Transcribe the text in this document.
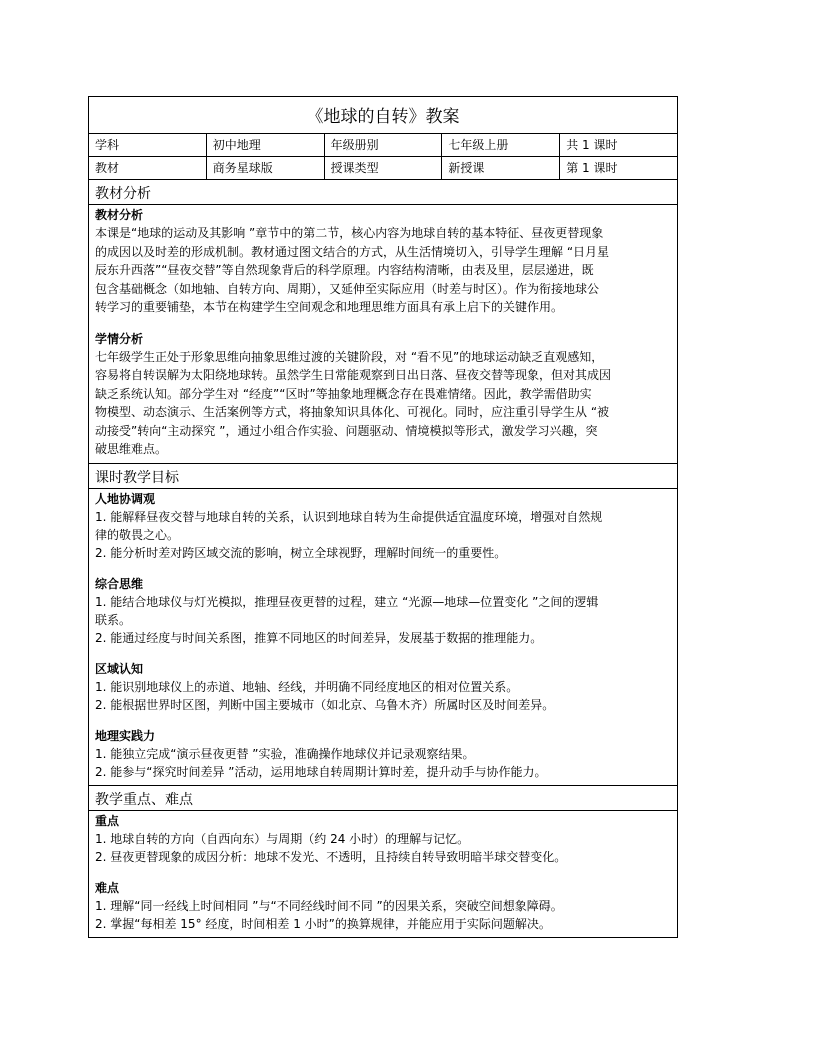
《地球的自转》教案
学科	初中地理	年级册别	七年级上册	共 1 课时
教材	商务星球版	授课类型	新授课	第 1 课时
教材分析
教材分析

本课是“地球的运动及其影响 ”章节中的第二节，核心内容为地球自转的基本特征、昼夜更替现象

的成因以及时差的形成机制。教材通过图文结合的方式，从生活情境切入，引导学生理解 “日月星

辰东升西落”“昼夜交替”等自然现象背后的科学原理。内容结构清晰，由表及里，层层递进，既

包含基础概念（如地轴、自转方向、周期），又延伸至实际应用（时差与时区）。作为衔接地球公

转学习的重要铺垫，本节在构建学生空间观念和地理思维方面具有承上启下的关键作用。

学情分析

七年级学生正处于形象思维向抽象思维过渡的关键阶段，对 “看不见”的地球运动缺乏直观感知，

容易将自转误解为太阳绕地球转。虽然学生日常能观察到日出日落、昼夜交替等现象，但对其成因

缺乏系统认知。部分学生对 “经度”“区时”等抽象地理概念存在畏难情绪。因此，教学需借助实

物模型、动态演示、生活案例等方式，将抽象知识具体化、可视化。同时，应注重引导学生从 “被

动接受”转向“主动探究 ”，通过小组合作实验、问题驱动、情境模拟等形式，激发学习兴趣，突

破思维难点。

课时教学目标
人地协调观

1. 能解释昼夜交替与地球自转的关系，认识到地球自转为生命提供适宜温度环境，增强对自然规

律的敬畏之心。

2. 能分析时差对跨区域交流的影响，树立全球视野，理解时间统一的重要性。

综合思维

1. 能结合地球仪与灯光模拟，推理昼夜更替的过程，建立 “光源—地球—位置变化 ”之间的逻辑

联系。

2. 能通过经度与时间关系图，推算不同地区的时间差异，发展基于数据的推理能力。

区域认知

1. 能识别地球仪上的赤道、地轴、经线，并明确不同经度地区的相对位置关系。

2. 能根据世界时区图，判断中国主要城市（如北京、乌鲁木齐）所属时区及时间差异。

地理实践力

1. 能独立完成“演示昼夜更替 ”实验，准确操作地球仪并记录观察结果。

2. 能参与“探究时间差异 ”活动，运用地球自转周期计算时差，提升动手与协作能力。

教学重点、难点
重点

1. 地球自转的方向（自西向东）与周期（约 24 小时）的理解与记忆。

2. 昼夜更替现象的成因分析：地球不发光、不透明，且持续自转导致明暗半球交替变化。

难点

1. 理解“同一经线上时间相同 ”与“不同经线时间不同 ”的因果关系，突破空间想象障碍。

2. 掌握“每相差 15° 经度，时间相差 1 小时”的换算规律，并能应用于实际问题解决。
